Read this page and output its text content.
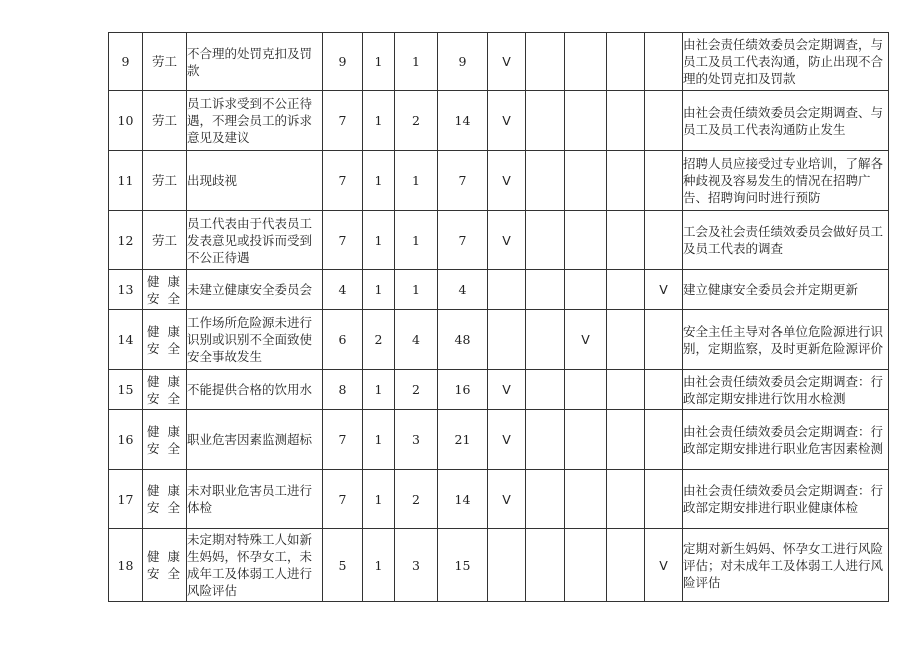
9	劳工	不合理的处罚克扣及罚款	9	1	1	9	V					由社会责任绩效委员会定期调查，与员工及员工代表沟通，防止出现不合理的处罚克扣及罚款
10	劳工	员工诉求受到不公正待遇，不理会员工的诉求意见及建议	7	1	2	14	V					由社会责任绩效委员会定期调查、与员工及员工代表沟通防止发生
11	劳工	出现歧视	7	1	1	7	V					招聘人员应接受过专业培训，了解各种歧视及容易发生的情况在招聘广告、招聘询问时进行预防
12	劳工	员工代表由于代表员工发表意见或投诉而受到不公正待遇	7	1	1	7	V					工会及社会责任绩效委员会做好员工及员工代表的调查
13	健康安全	未建立健康安全委员会	4	1	1	4					V	建立健康安全委员会并定期更新
14	健康安全	工作场所危险源未进行识别或识别不全面致使安全事故发生	6	2	4	48			V			安全主任主导对各单位危险源进行识别，定期监察，及时更新危险源评价
15	健康安全	不能提供合格的饮用水	8	1	2	16	V					由社会责任绩效委员会定期调查：行政部定期安排进行饮用水检测
16	健康安全	职业危害因素监测超标	7	1	3	21	V					由社会责任绩效委员会定期调查：行政部定期安排进行职业危害因素检测
17	健康安全	未对职业危害员工进行体检	7	1	2	14	V					由社会责任绩效委员会定期调查：行政部定期安排进行职业健康体检
18	健康安全	未定期对特殊工人如新生妈妈，怀孕女工，未成年工及体弱工人进行风险评估	5	1	3	15					V	定期对新生妈妈、怀孕女工进行风险评估；对未成年工及体弱工人进行风险评估
